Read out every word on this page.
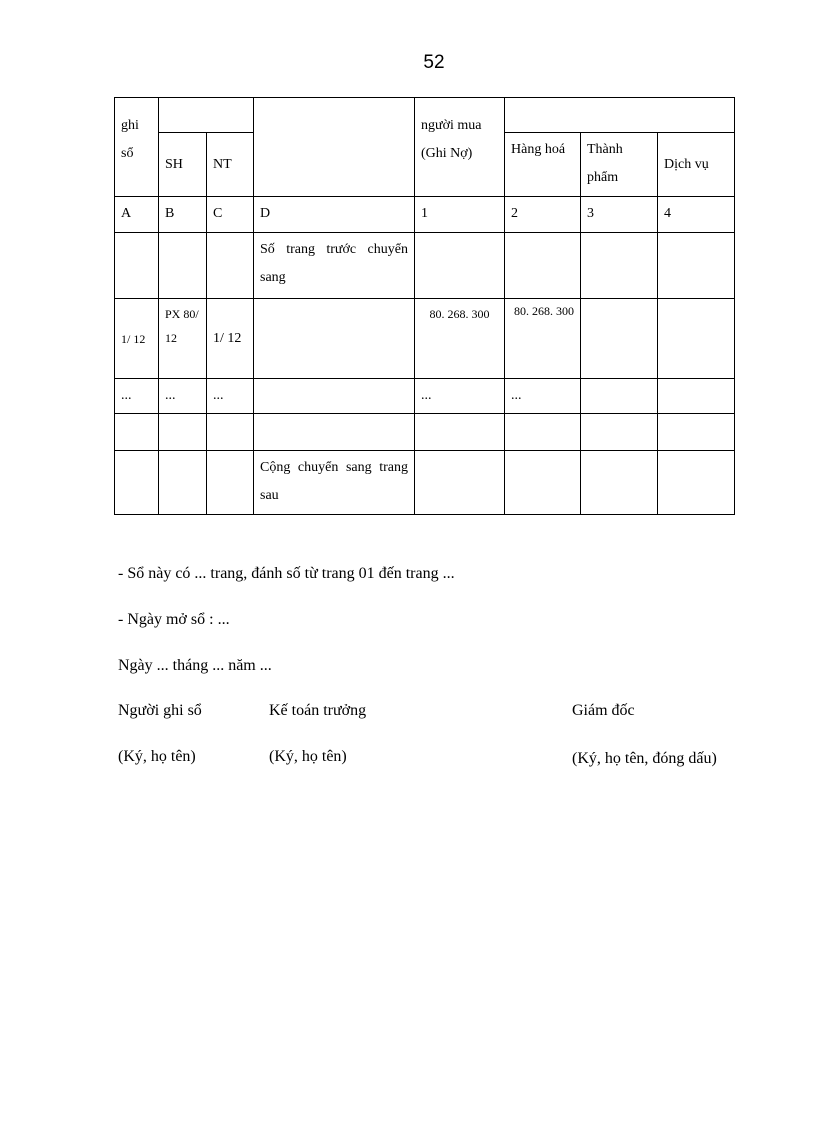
52
ghi sổ				người mua
(Ghi Nợ)			

	SH	NT			Hàng hoá	Thành phẩm	Dịch vụ
A	B	C	D	1	2	3	4
			Số trang trước chuyển sang				
1/ 12	PX 80/ 12	1/ 12		80. 268. 300	80. 268. 300		
...	...	...		...	...		

			Cộng chuyển sang trang sau				
- Sổ này có ... trang, đánh số từ trang 01 đến trang ...
- Ngày mở sổ : ...
Ngày ... tháng ... năm ...
Người ghi sổ
(Ký, họ tên)
Kế toán trưởng
(Ký, họ tên)
Giám đốc
(Ký, họ tên, đóng dấu)
